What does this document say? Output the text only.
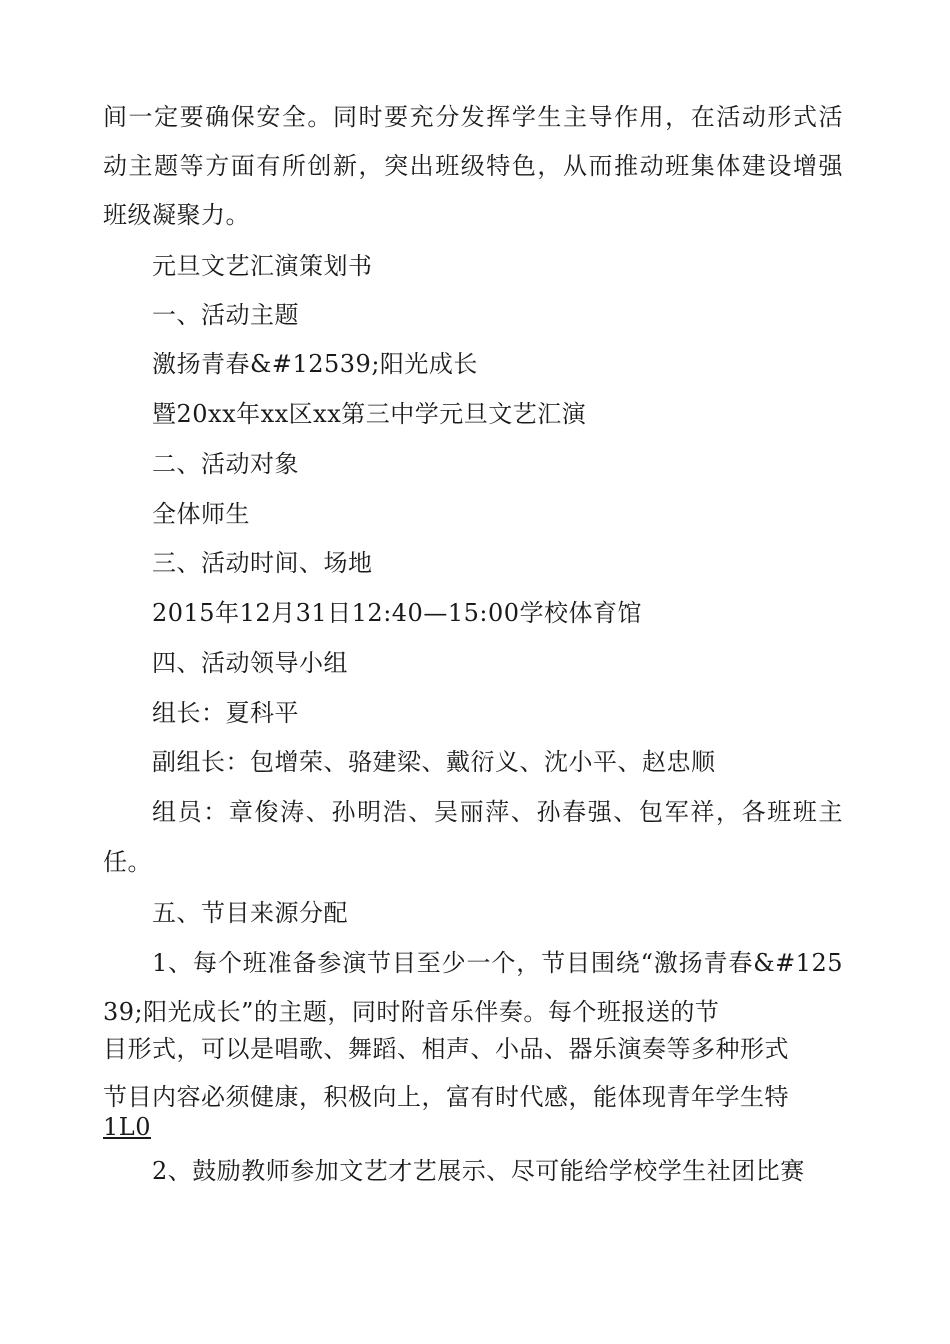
间一定要确保安全。同时要充分发挥学生主导作用，在活动形式活
动主题等方面有所创新，突出班级特色，从而推动班集体建设增强
班级凝聚力。
元旦文艺汇演策划书
一、活动主题
激扬青春&#12539;阳光成长
暨20xx年xx区xx第三中学元旦文艺汇演
二、活动对象
全体师生
三、活动时间、场地
2015年12月31日12:40—15:00学校体育馆
四、活动领导小组
组长：夏科平
副组长：包增荣、骆建梁、戴衍义、沈小平、赵忠顺
组员：章俊涛、孙明浩、吴丽萍、孙春强、包军祥，各班班主
任。
五、节目来源分配
1、每个班准备参演节目至少一个，节目围绕“激扬青春&#125
39;阳光成长”的主题，同时附音乐伴奏。每个班报送的节
目形式，可以是唱歌、舞蹈、相声、小品、器乐演奏等多种形式
节目内容必须健康，积极向上，富有时代感，能体现青年学生特
1L0
2、鼓励教师参加文艺才艺展示、尽可能给学校学生社团比赛
